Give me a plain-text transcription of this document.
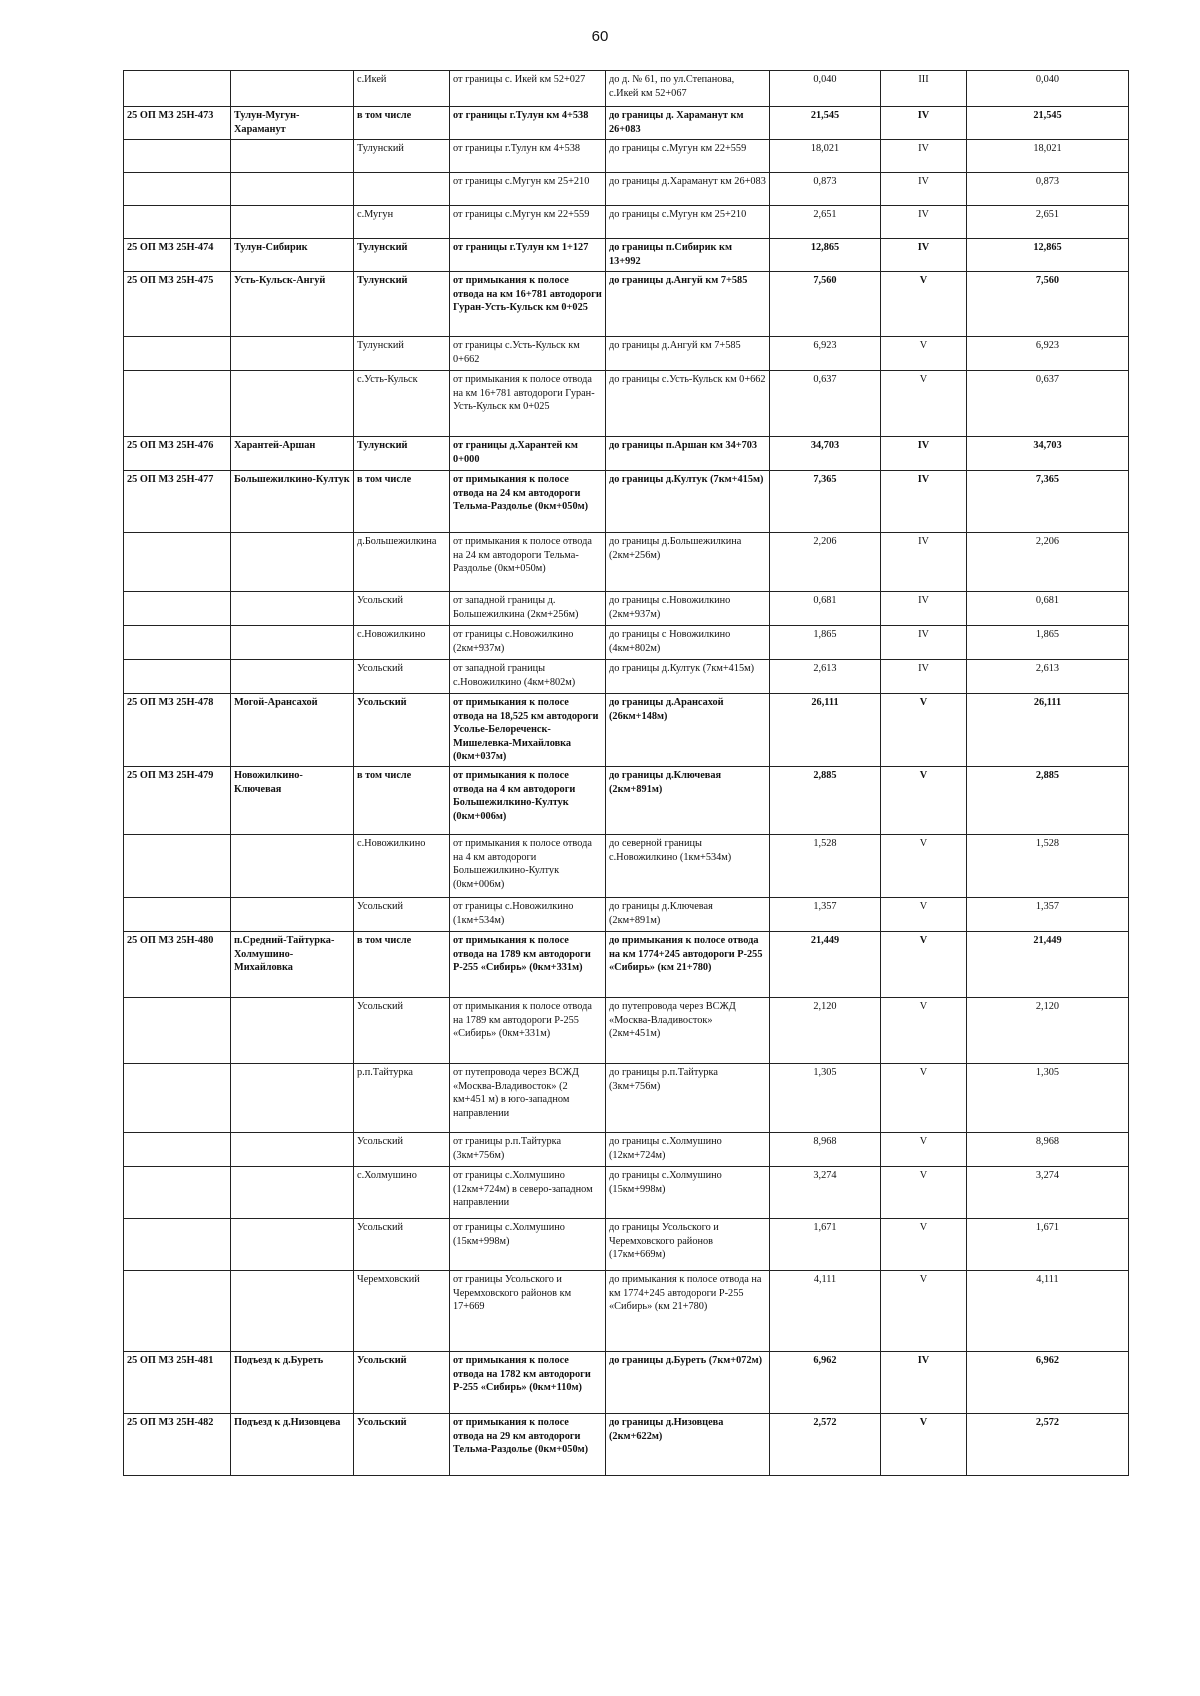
60
		с.Икей	от границы с. Икей км 52+027	до д. № 61, по ул.Степанова, с.Икей км 52+067	0,040	III	0,040
25 ОП МЗ 25Н-473	Тулун-Мугун-Хараманут	в том числе	от границы г.Тулун км 4+538	до границы д. Хараманут км 26+083	21,545	IV	21,545
		Тулунский	от границы г.Тулун км 4+538	до границы с.Мугун км 22+559	18,021	IV	18,021
			от границы с.Мугун км 25+210	до границы д.Хараманут км 26+083	0,873	IV	0,873
		с.Мугун	от границы с.Мугун км 22+559	до границы с.Мугун км 25+210	2,651	IV	2,651
25 ОП МЗ 25Н-474	Тулун-Сибирик	Тулунский	от границы г.Тулун км 1+127	до границы п.Сибирик км 13+992	12,865	IV	12,865
25 ОП МЗ 25Н-475	Усть-Кульск-Ангуй	Тулунский	от примыкания к полосе отвода на км 16+781 автодороги Гуран-Усть-Кульск км 0+025	до границы д.Ангуй км 7+585	7,560	V	7,560
		Тулунский	от границы с.Усть-Кульск км 0+662	до границы д.Ангуй км 7+585	6,923	V	6,923
		с.Усть-Кульск	от примыкания к полосе отвода на км 16+781 автодороги Гуран-Усть-Кульск км 0+025	до границы с.Усть-Кульск км 0+662	0,637	V	0,637
25 ОП МЗ 25Н-476	Харантей-Аршан	Тулунский	от границы д.Харантей км 0+000	до границы п.Аршан км 34+703	34,703	IV	34,703
25 ОП МЗ 25Н-477	Большежилкино-Култук	в том числе	от примыкания к полосе отвода на 24 км автодороги Тельма-Раздолье (0км+050м)	до границы д.Култук (7км+415м)	7,365	IV	7,365
		д.Большежилкина	от примыкания к полосе отвода на 24 км автодороги Тельма-Раздолье (0км+050м)	до границы д.Большежилкина (2км+256м)	2,206	IV	2,206
		Усольский	от западной границы д. Большежилкина (2км+256м)	до границы с.Новожилкино (2км+937м)	0,681	IV	0,681
		с.Новожилкино	от границы с.Новожилкино (2км+937м)	до границы с Новожилкино (4км+802м)	1,865	IV	1,865
		Усольский	от западной границы с.Новожилкино (4км+802м)	до границы д.Култук (7км+415м)	2,613	IV	2,613
25 ОП МЗ 25Н-478	Могой-Арансахой	Усольский	от примыкания к полосе отвода на 18,525 км автодороги Усолье-Белореченск-Мишелевка-Михайловка (0км+037м)	до границы д.Арансахой (26км+148м)	26,111	V	26,111
25 ОП МЗ 25Н-479	Новожилкино-Ключевая	в том числе	от примыкания к полосе отвода на 4 км автодороги Большежилкино-Култук (0км+006м)	до границы д.Ключевая (2км+891м)	2,885	V	2,885
		с.Новожилкино	от примыкания к полосе отвода на 4 км автодороги Большежилкино-Култук (0км+006м)	до северной границы с.Новожилкино (1км+534м)	1,528	V	1,528
		Усольский	от границы с.Новожилкино (1км+534м)	до границы д.Ключевая (2км+891м)	1,357	V	1,357
25 ОП МЗ 25Н-480	п.Средний-Тайтурка-Холмушино-Михайловка	в том числе	от примыкания к полосе отвода на 1789 км автодороги Р-255 «Сибирь» (0км+331м)	до примыкания к полосе отвода на км 1774+245 автодороги Р-255 «Сибирь» (км 21+780)	21,449	V	21,449
		Усольский	от примыкания к полосе отвода на 1789 км автодороги Р-255 «Сибирь» (0км+331м)	до путепровода через ВСЖД «Москва-Владивосток» (2км+451м)	2,120	V	2,120
		р.п.Тайтурка	от путепровода через ВСЖД «Москва-Владивосток» (2 км+451 м) в юго-западном направлении	до границы р.п.Тайтурка (3км+756м)	1,305	V	1,305
		Усольский	от границы р.п.Тайтурка (3км+756м)	до границы с.Холмушино (12км+724м)	8,968	V	8,968
		с.Холмушино	от границы с.Холмушино (12км+724м) в северо-западном направлении	до границы с.Холмушино (15км+998м)	3,274	V	3,274
		Усольский	от границы с.Холмушино (15км+998м)	до границы Усольского и Черемховского районов (17км+669м)	1,671	V	1,671
		Черемховский	от границы Усольского и Черемховского районов км 17+669	до примыкания к полосе отвода на км 1774+245 автодороги Р-255 «Сибирь» (км 21+780)	4,111	V	4,111
25 ОП МЗ 25Н-481	Подъезд к д.Буреть	Усольский	от примыкания к полосе отвода на 1782 км автодороги Р-255 «Сибирь» (0км+110м)	до границы д.Буреть (7км+072м)	6,962	IV	6,962
25 ОП МЗ 25Н-482	Подъезд к д.Низовцева	Усольский	от примыкания к полосе отвода на 29 км автодороги Тельма-Раздолье (0км+050м)	до границы д.Низовцева (2км+622м)	2,572	V	2,572
